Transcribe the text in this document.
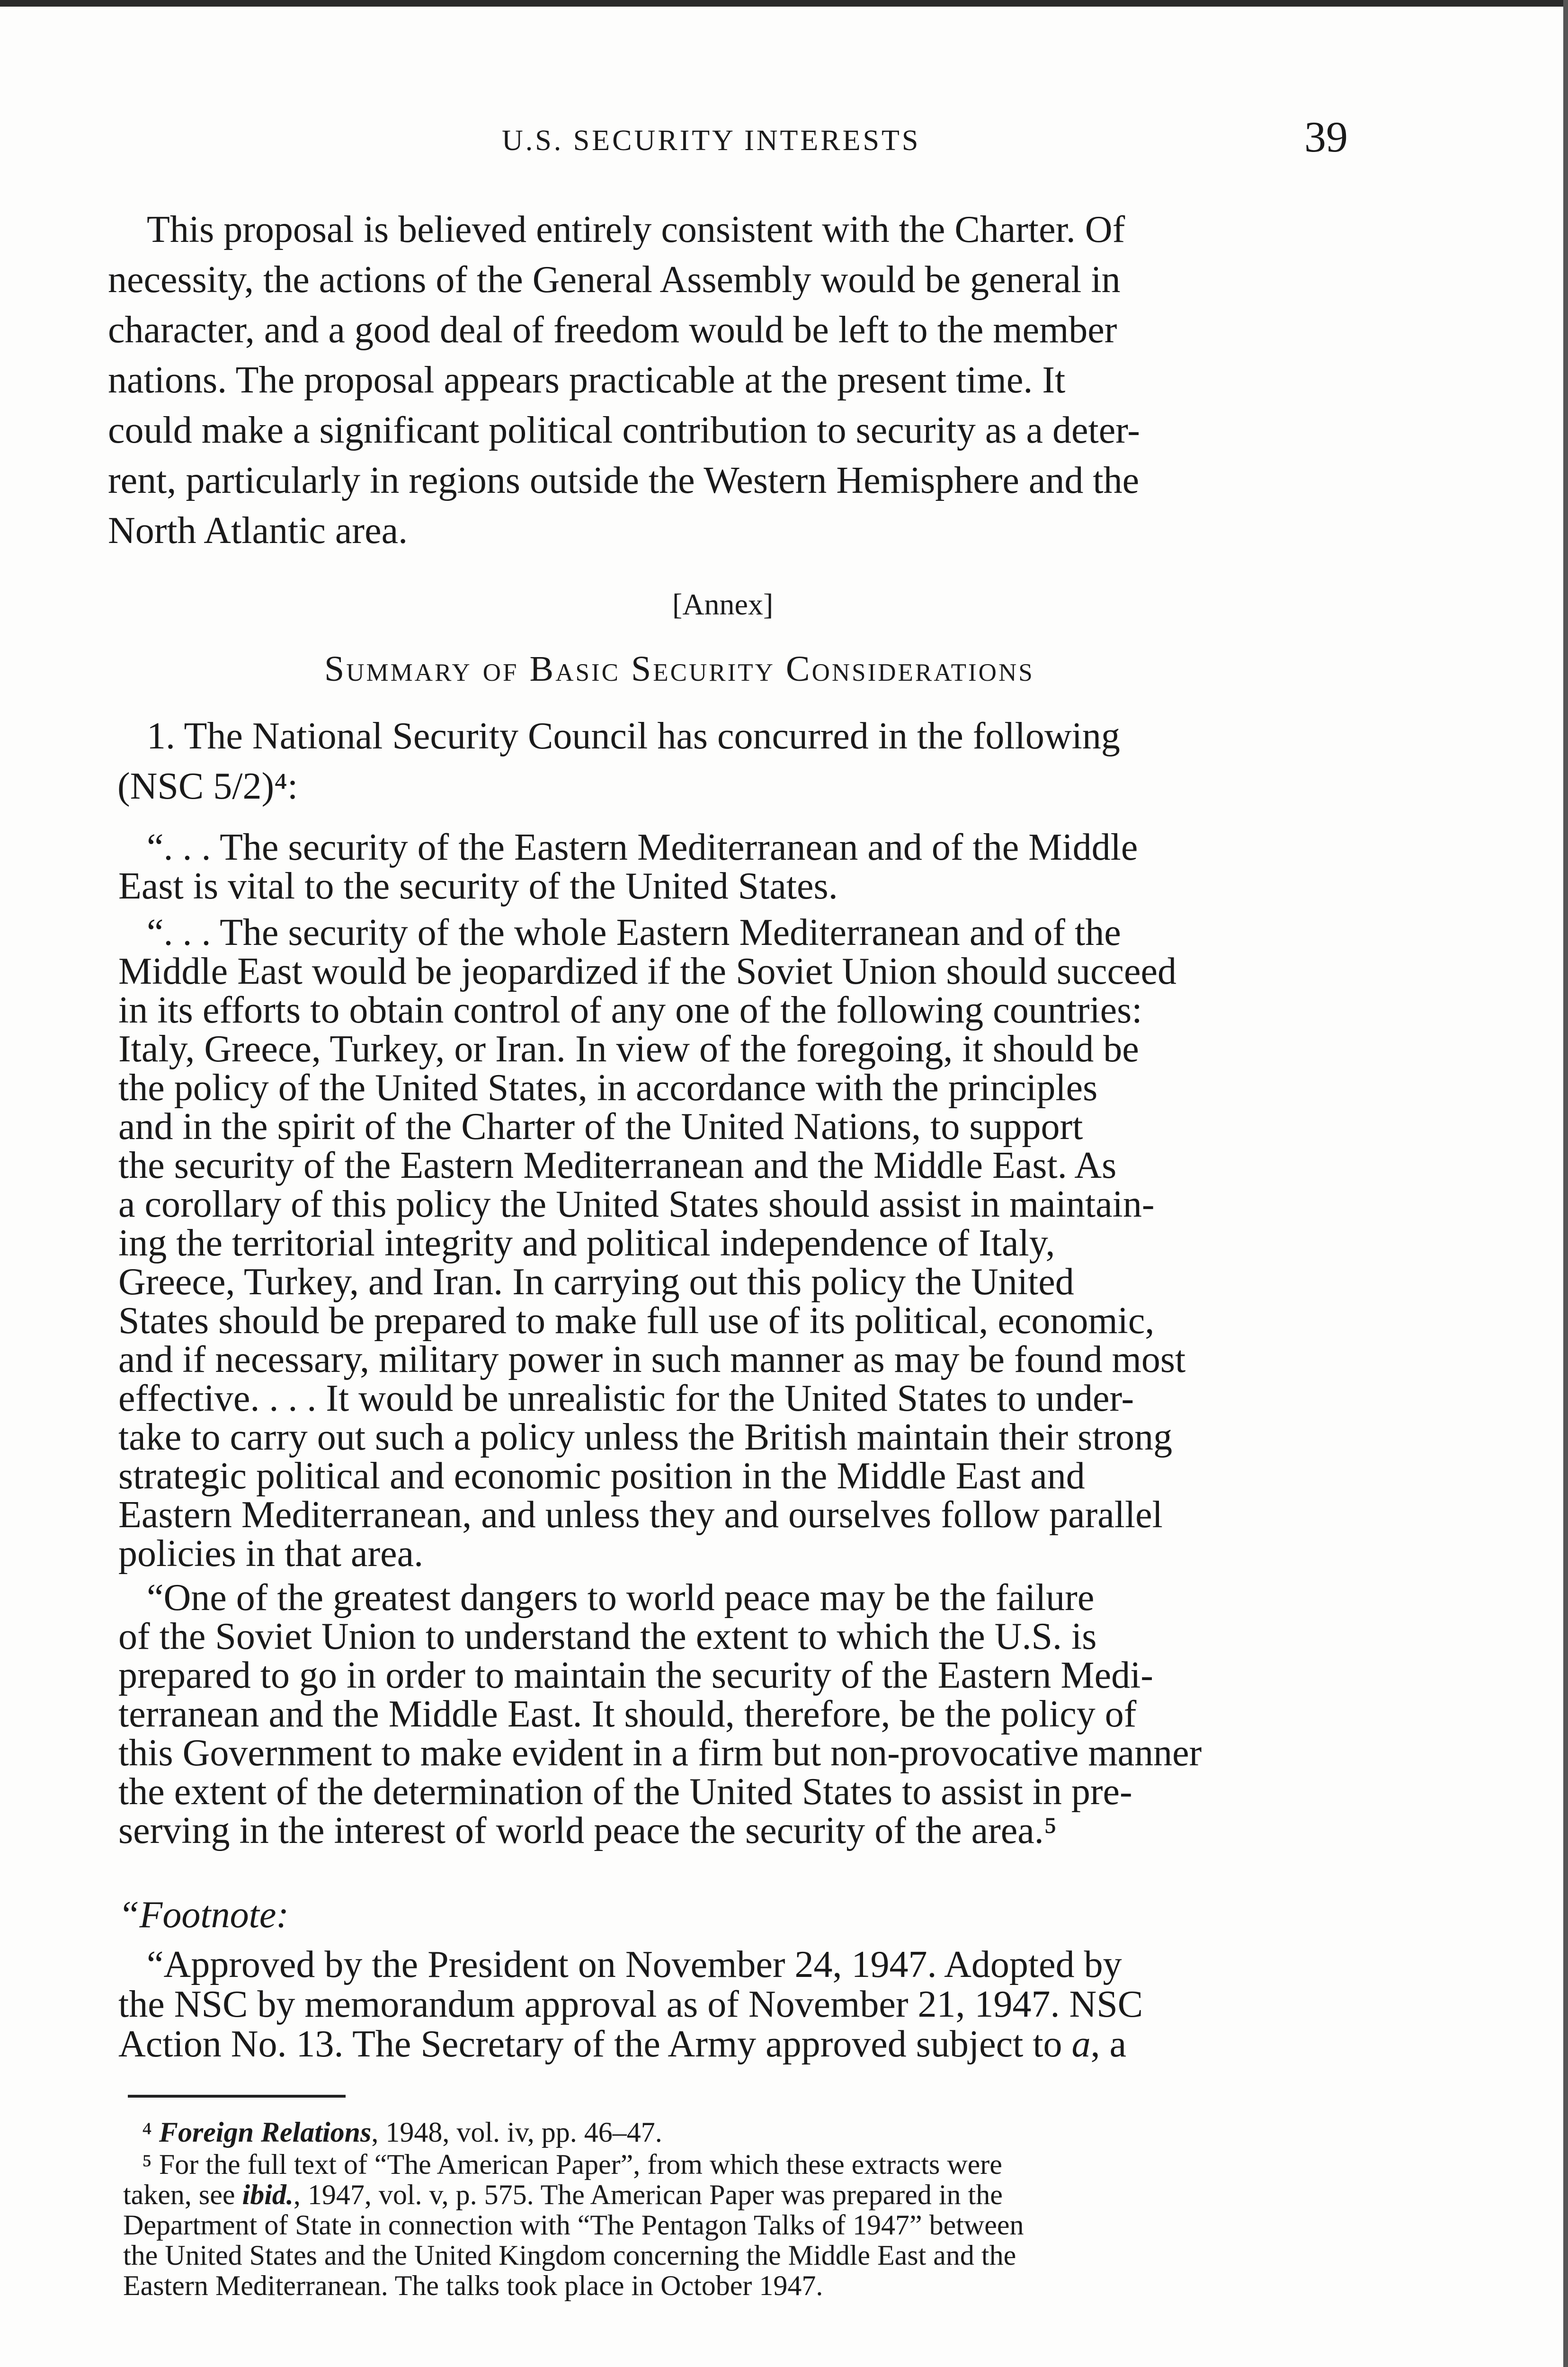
U.S. SECURITY INTERESTS	39
This proposal is believed entirely consistent with the Charter. Of
necessity, the actions of the General Assembly would be general in
character, and a good deal of freedom would be left to the member
nations. The proposal appears practicable at the present time. It
could make a significant political contribution to security as a deter-
rent, particularly in regions outside the Western Hemisphere and the
North Atlantic area.
[Annex]
Summary of Basic Security Considerations
1. The National Security Council has concurred in the following
(NSC 5/2)⁴:
“. . . The security of the Eastern Mediterranean and of the Middle
East is vital to the security of the United States.
“. . . The security of the whole Eastern Mediterranean and of the
Middle East would be jeopardized if the Soviet Union should succeed
in its efforts to obtain control of any one of the following countries:
Italy, Greece, Turkey, or Iran. In view of the foregoing, it should be
the policy of the United States, in accordance with the principles
and in the spirit of the Charter of the United Nations, to support
the security of the Eastern Mediterranean and the Middle East. As
a corollary of this policy the United States should assist in maintain-
ing the territorial integrity and political independence of Italy,
Greece, Turkey, and Iran. In carrying out this policy the United
States should be prepared to make full use of its political, economic,
and if necessary, military power in such manner as may be found most
effective. . . . It would be unrealistic for the United States to under-
take to carry out such a policy unless the British maintain their strong
strategic political and economic position in the Middle East and
Eastern Mediterranean, and unless they and ourselves follow parallel
policies in that area.
“One of the greatest dangers to world peace may be the failure
of the Soviet Union to understand the extent to which the U.S. is
prepared to go in order to maintain the security of the Eastern Medi-
terranean and the Middle East. It should, therefore, be the policy of
this Government to make evident in a firm but non-provocative manner
the extent of the determination of the United States to assist in pre-
serving in the interest of world peace the security of the area.⁵
“Footnote:
“Approved by the President on November 24, 1947. Adopted by
the NSC by memorandum approval as of November 21, 1947. NSC
Action No. 13. The Secretary of the Army approved subject to a, a
⁴ Foreign Relations, 1948, vol. iv, pp. 46–47.
⁵ For the full text of “The American Paper”, from which these extracts were
taken, see ibid., 1947, vol. v, p. 575. The American Paper was prepared in the
Department of State in connection with “The Pentagon Talks of 1947” between
the United States and the United Kingdom concerning the Middle East and the
Eastern Mediterranean. The talks took place in October 1947.
